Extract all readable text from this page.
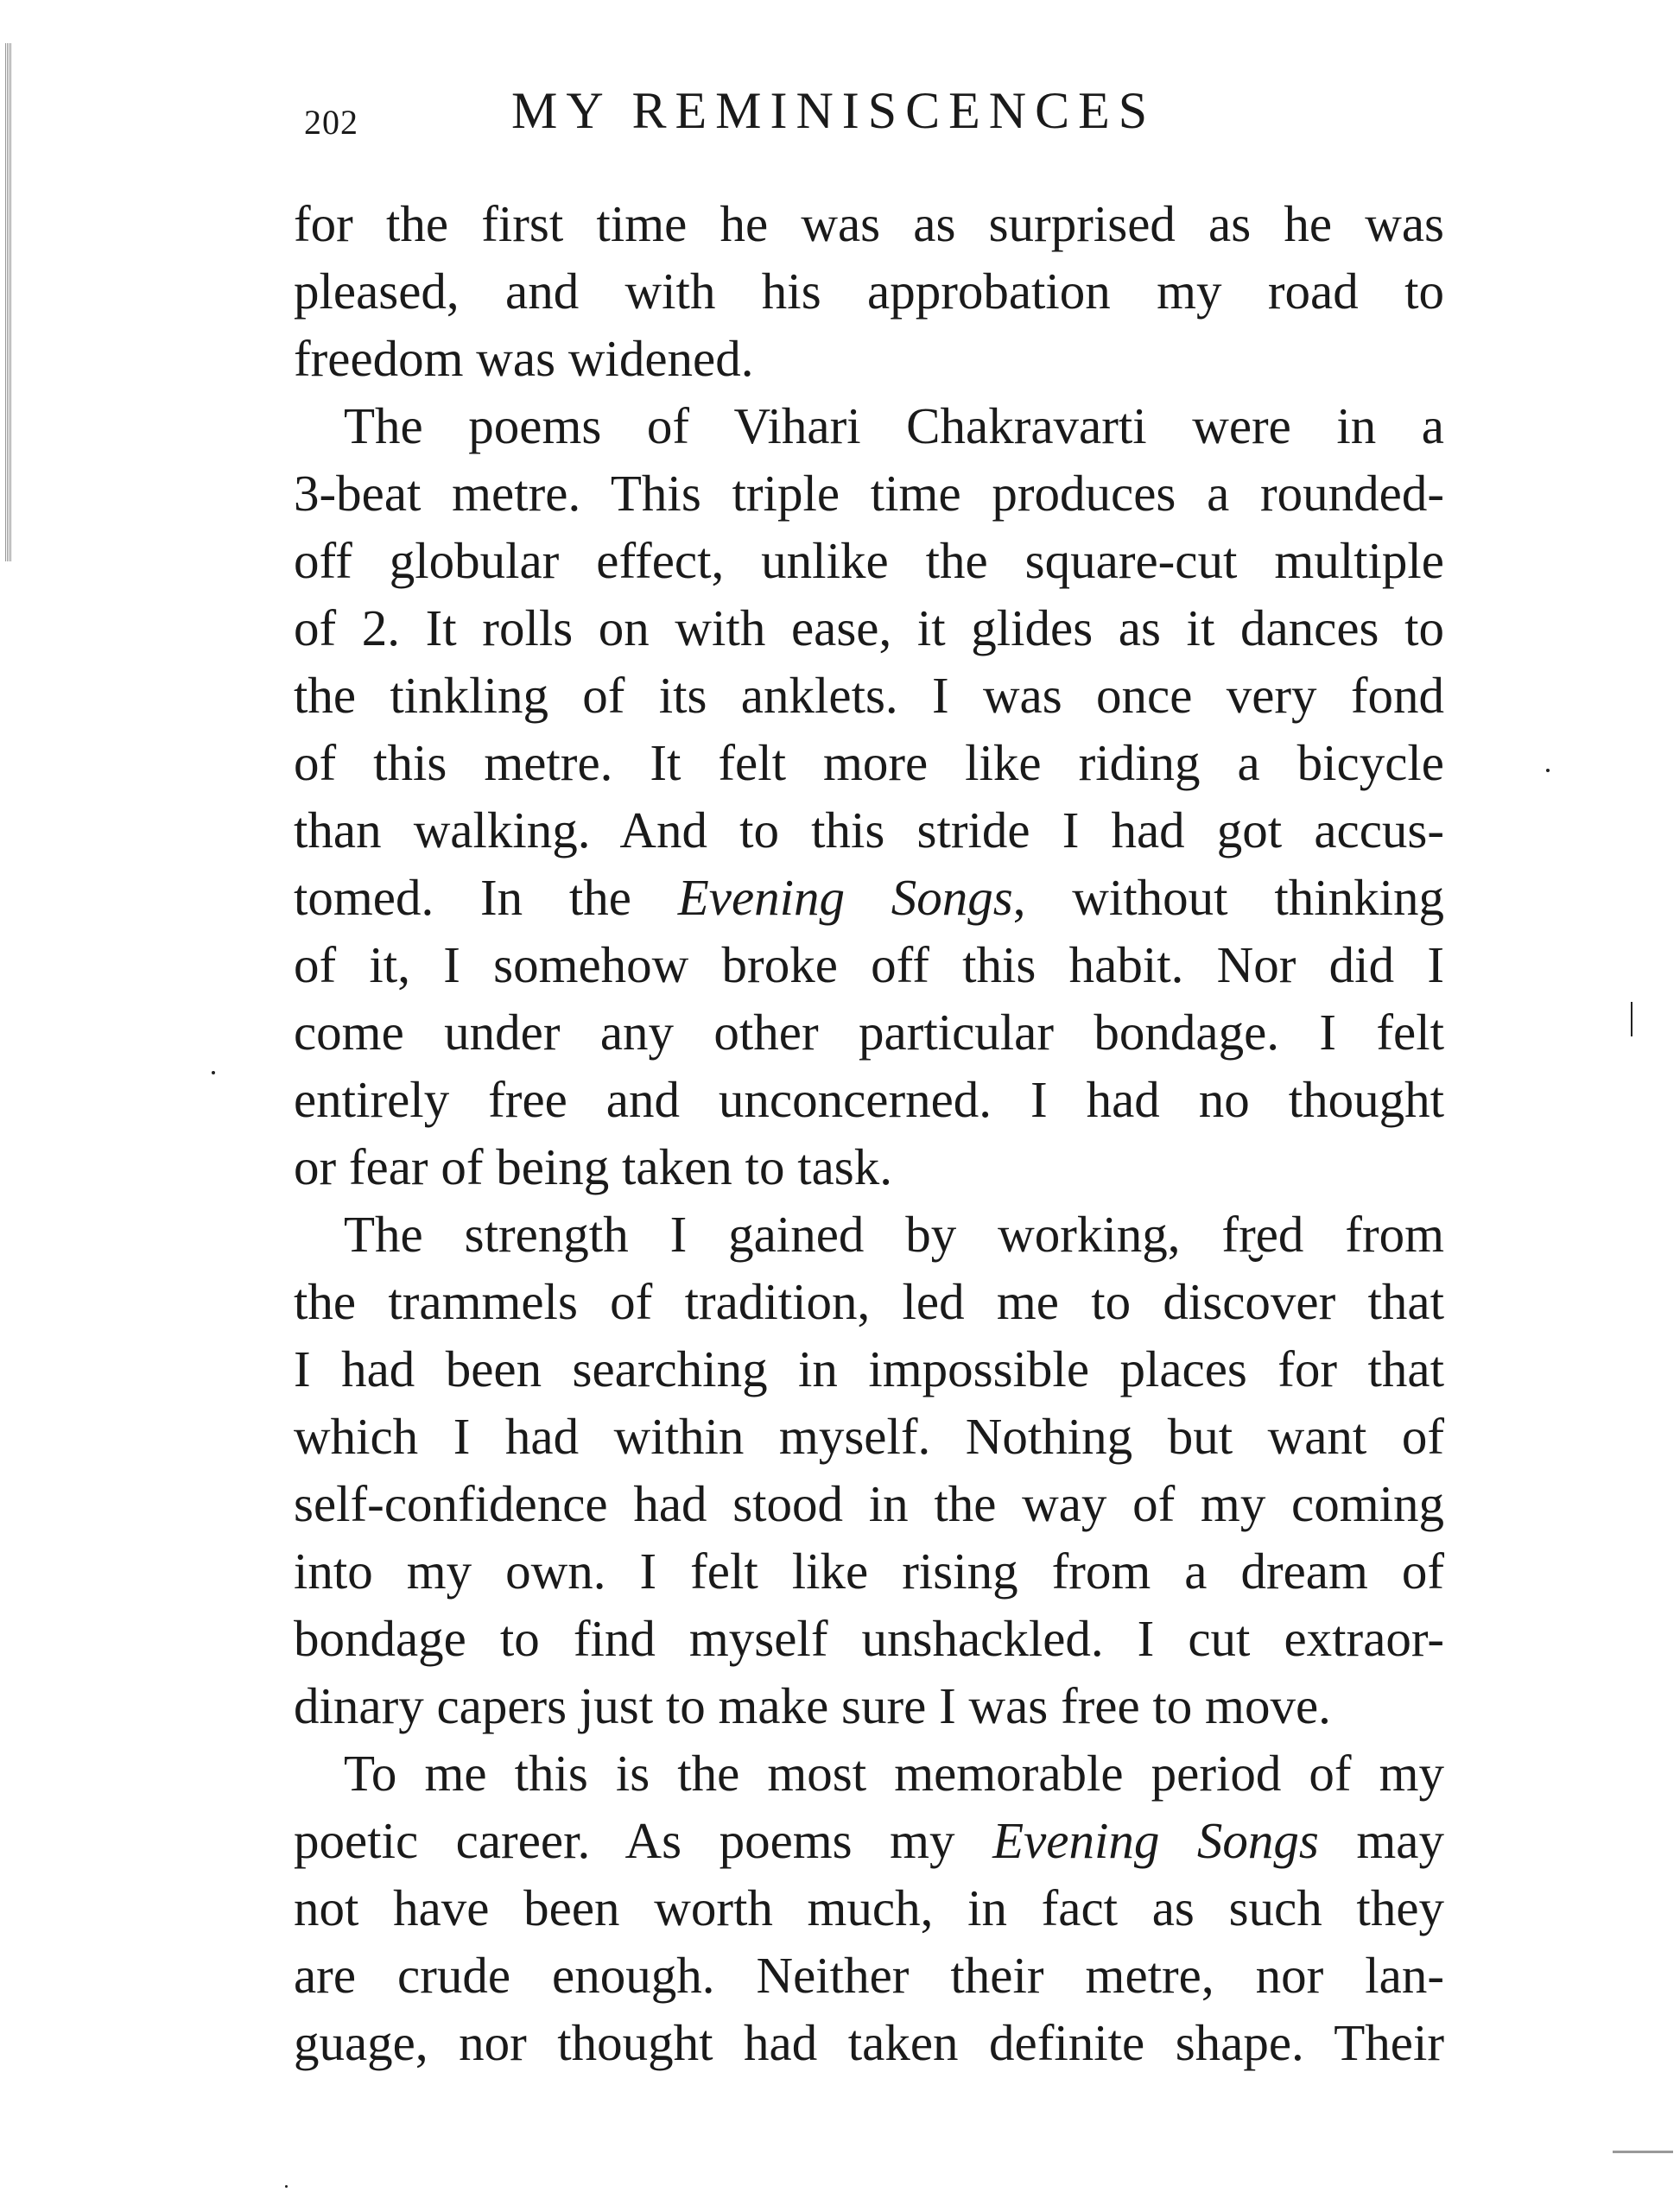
202	MY REMINISCENCES
for the first time he was as surprised as he was
pleased, and with his approbation my road to
freedom was widened.
The poems of Vihari Chakravarti were in a
3-beat metre. This triple time produces a rounded-
off globular effect, unlike the square-cut multiple
of 2. It rolls on with ease, it glides as it dances to
the tinkling of its anklets. I was once very fond
of this metre. It felt more like riding a bicycle
than walking. And to this stride I had got accus-
tomed. In the Evening Songs, without thinking
of it, I somehow broke off this habit. Nor did I
come under any other particular bondage. I felt
entirely free and unconcerned. I had no thought
or fear of being taken to task.
The strength I gained by working, fr̮ed from
the trammels of tradition, led me to discover that
I had been searching in impossible places for that
which I had within myself. Nothing but want of
self-confidence had stood in the way of my coming
into my own. I felt like rising from a dream of
bondage to find myself unshackled. I cut extraor-
dinary capers just to make sure I was free to move.
To me this is the most memorable period of my
poetic career. As poems my Evening Songs may
not have been worth much, in fact as such they
are crude enough. Neither their metre, nor lan-
guage, nor thought had taken definite shape. Their
